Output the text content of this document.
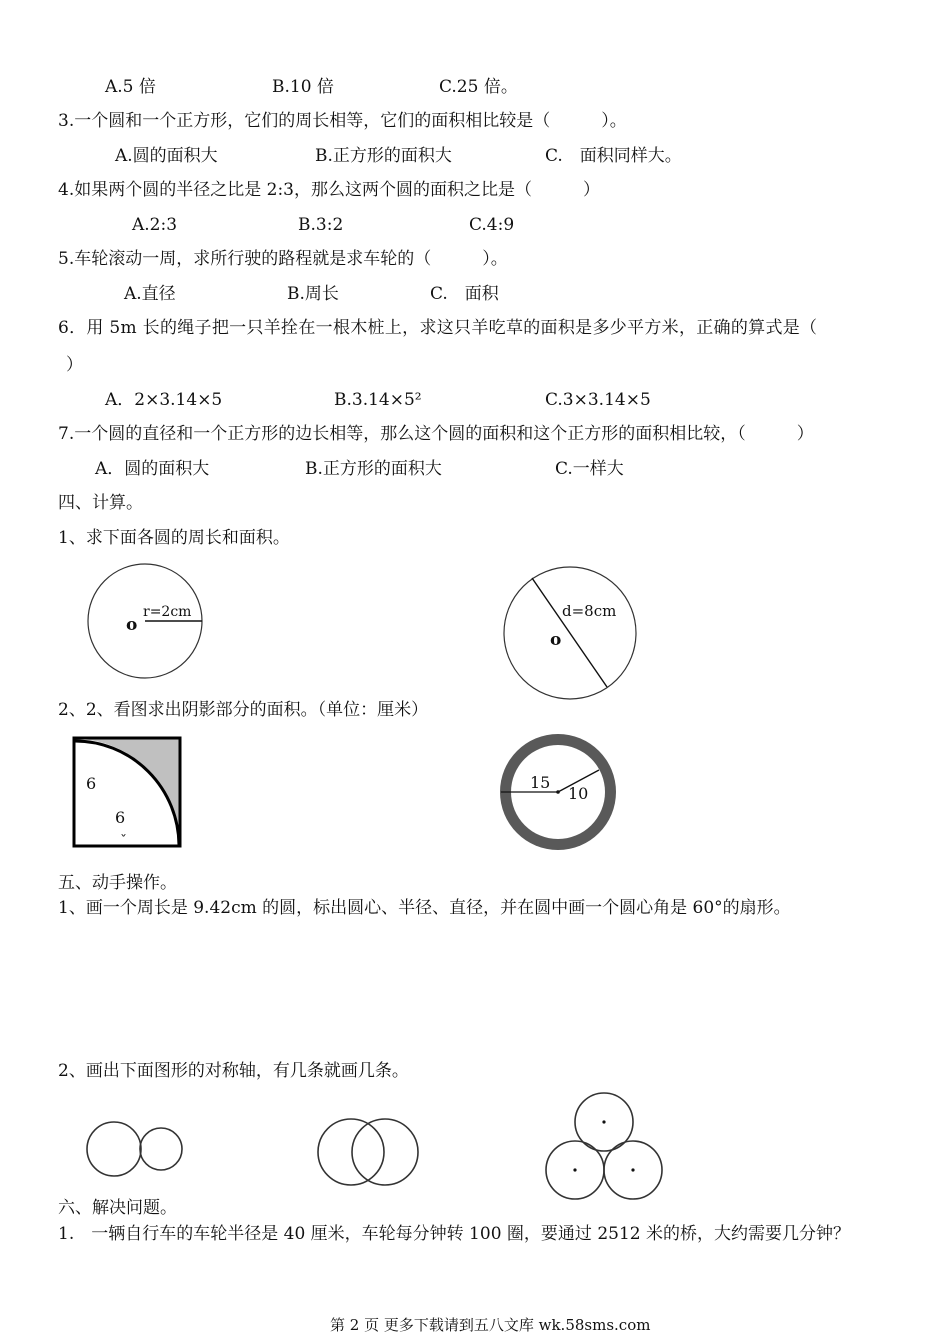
A.5 倍	B.10 倍	C.25 倍。
3.一个圆和一个正方形，它们的周长相等，它们的面积相比较是（　　　）。
A.圆的面积大	B.正方形的面积大	C.　面积同样大。
4.如果两个圆的半径之比是 2:3，那么这两个圆的面积之比是（　　　）
A.2:3	B.3:2	C.4:9
5.车轮滚动一周，求所行驶的路程就是求车轮的（　　　）。
A.直径	B.周长	C.　面积
6．用 5m 长的绳子把一只羊拴在一根木桩上，求这只羊吃草的面积是多少平方米，正确的算式是（
）
A．2×3.14×5	B.3.14×5²	C.3×3.14×5
7.一个圆的直径和一个正方形的边长相等，那么这个圆的面积和这个正方形的面积相比较，（　　　）
A．圆的面积大	B.正方形的面积大	C.一样大
四、计算。
1、求下面各圆的周长和面积。
2、2、看图求出阴影部分的面积。（单位：厘米）
五、动手操作。
1、画一个周长是 9.42cm 的圆，标出圆心、半径、直径，并在圆中画一个圆心角是 60°的扇形。
2、画出下面图形的对称轴，有几条就画几条。
六、解决问题。
1.　一辆自行车的车轮半径是 40 厘米，车轮每分钟转 100 圈，要通过 2512 米的桥，大约需要几分钟？
第 2 页 更多下载请到五八文库 wk.58sms.com
o
r=2cm
o
d=8cm
6
6
ˇ
15
10
